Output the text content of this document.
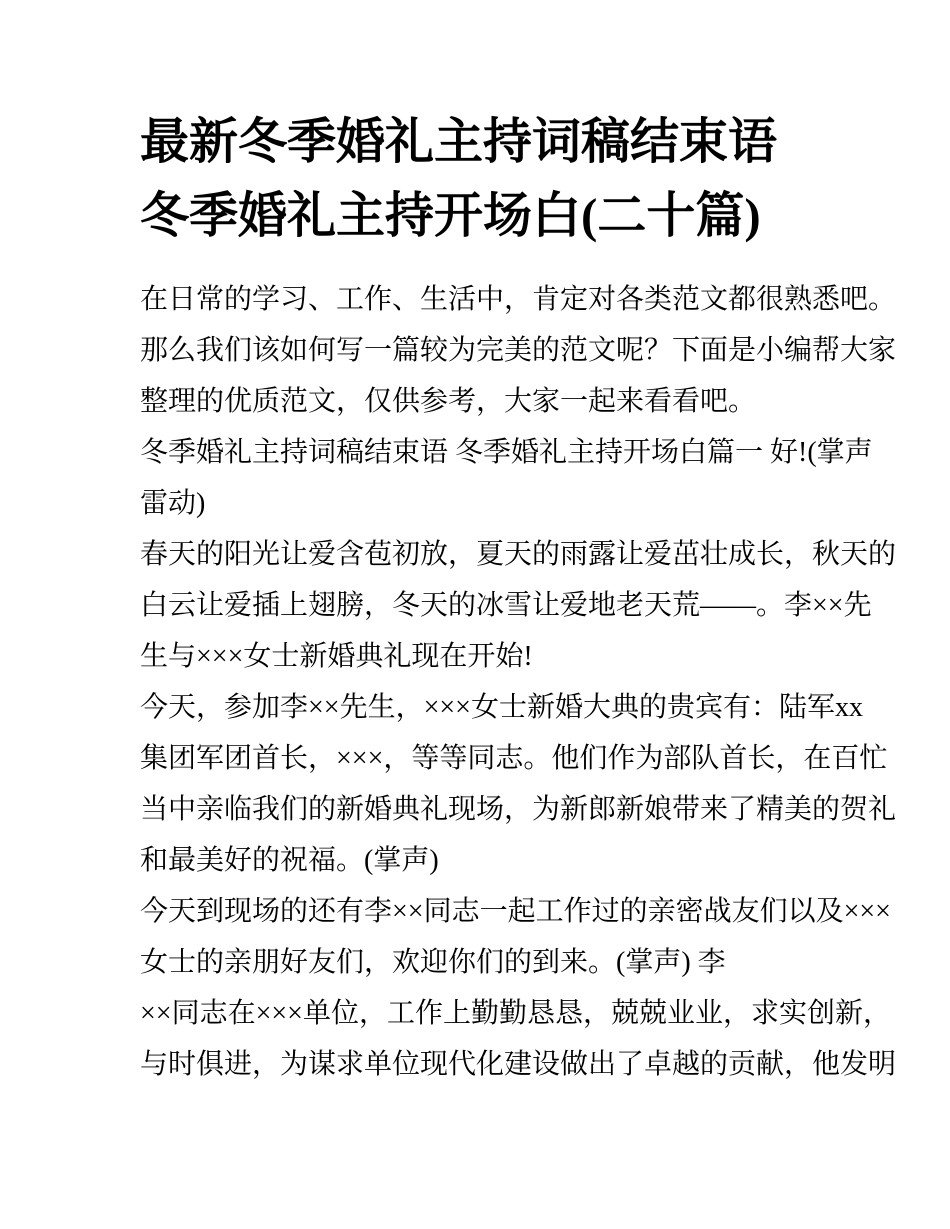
最新冬季婚礼主持词稿结束语
冬季婚礼主持开场白(二十篇)

在日常的学习、工作、生活中，肯定对各类范文都很熟悉吧。
那么我们该如何写一篇较为完美的范文呢？下面是小编帮大家
整理的优质范文，仅供参考，大家一起来看看吧。

冬季婚礼主持词稿结束语 冬季婚礼主持开场白篇一 好!(掌声
雷动)

春天的阳光让爱含苞初放，夏天的雨露让爱茁壮成长，秋天的
白云让爱插上翅膀，冬天的冰雪让爱地老天荒——。李××先
生与×××女士新婚典礼现在开始!

今天，参加李××先生，×××女士新婚大典的贵宾有：陆军xx
集团军团首长，×××，等等同志。他们作为部队首长，在百忙
当中亲临我们的新婚典礼现场，为新郎新娘带来了精美的贺礼
和最美好的祝福。(掌声)

今天到现场的还有李××同志一起工作过的亲密战友们以及×××
女士的亲朋好友们，欢迎你们的到来。(掌声) 李
××同志在×××单位，工作上勤勤恳恳，兢兢业业，求实创新，
与时俱进，为谋求单位现代化建设做出了卓越的贡献，他发明
